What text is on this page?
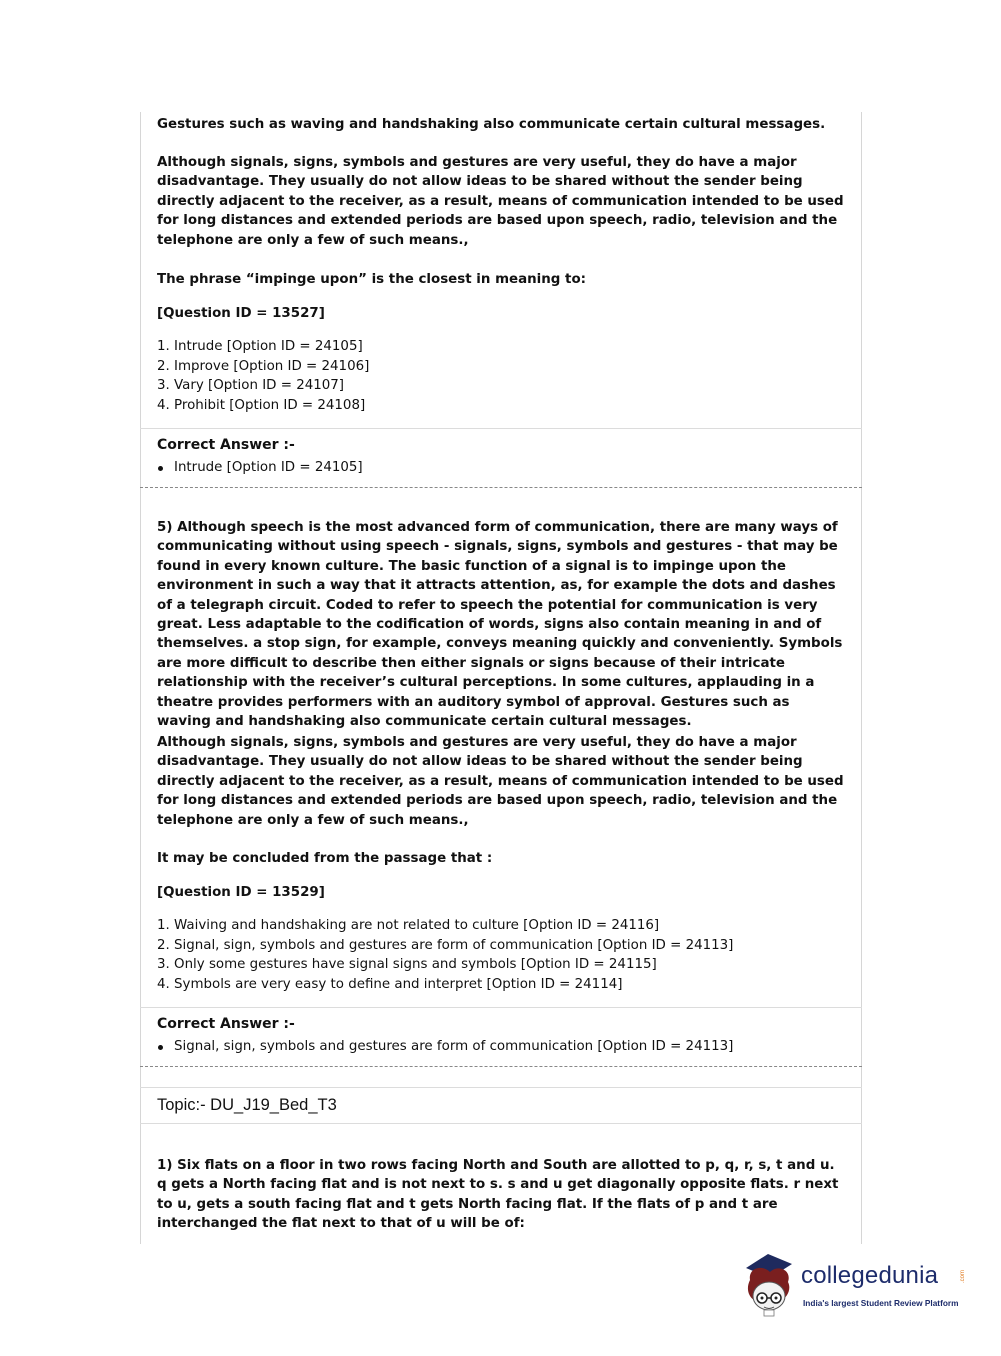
Gestures such as waving and handshaking also communicate certain cultural messages.

Although signals, signs, symbols and gestures are very useful, they do have a major disadvantage. They usually do not allow ideas to be shared without the sender being directly adjacent to the receiver, as a result, means of communication intended to be used for long distances and extended periods are based upon speech, radio, television and the telephone are only a few of such means.,

The phrase “impinge upon” is the closest in meaning to:

[Question ID = 13527]

1. Intrude [Option ID = 24105]
2. Improve [Option ID = 24106]
3. Vary [Option ID = 24107]
4. Prohibit [Option ID = 24108]

Correct Answer :-

Intrude [Option ID = 24105]

5) Although speech is the most advanced form of communication, there are many ways of communicating without using speech - signals, signs, symbols and gestures - that may be found in every known culture. The basic function of a signal is to impinge upon the environment in such a way that it attracts attention, as, for example the dots and dashes of a telegraph circuit. Coded to refer to speech the potential for communication is very great. Less adaptable to the codification of words, signs also contain meaning in and of themselves. a stop sign, for example, conveys meaning quickly and conveniently. Symbols are more difficult to describe then either signals or signs because of their intricate relationship with the receiver’s cultural perceptions. In some cultures, applauding in a theatre provides performers with an auditory symbol of approval. Gestures such as waving and handshaking also communicate certain cultural messages.

Although signals, signs, symbols and gestures are very useful, they do have a major disadvantage. They usually do not allow ideas to be shared without the sender being directly adjacent to the receiver, as a result, means of communication intended to be used for long distances and extended periods are based upon speech, radio, television and the telephone are only a few of such means.,

It may be concluded from the passage that :

[Question ID = 13529]

1. Waiving and handshaking are not related to culture [Option ID = 24116]
2. Signal, sign, symbols and gestures are form of communication [Option ID = 24113]
3. Only some gestures have signal signs and symbols [Option ID = 24115]
4. Symbols are very easy to define and interpret [Option ID = 24114]

Correct Answer :-

Signal, sign, symbols and gestures are form of communication [Option ID = 24113]

Topic:- DU_J19_Bed_T3

1) Six flats on a floor in two rows facing North and South are allotted to p, q, r, s, t and u. q gets a North facing flat and is not next to s. s and u get diagonally opposite flats. r next to u, gets a south facing flat and t gets North facing flat. If the flats of p and t are interchanged the flat next to that of u will be of:

collegedunia	.com
India's largest Student Review Platform
